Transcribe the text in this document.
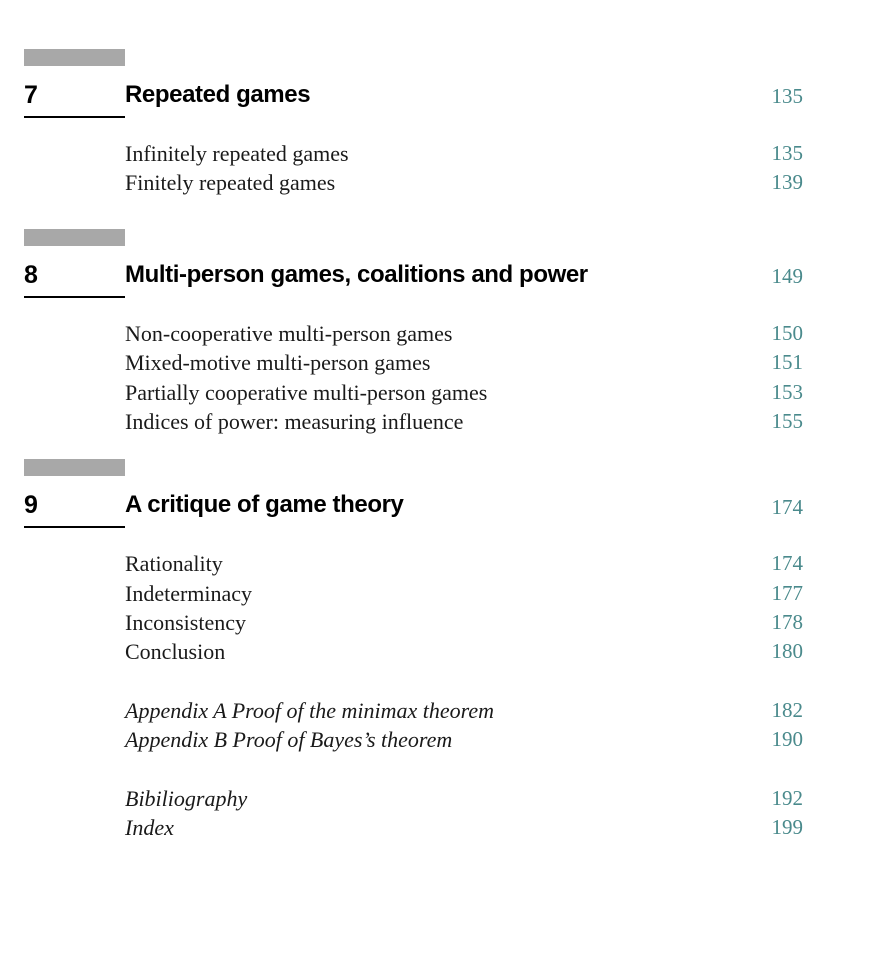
7	Repeated games	135
Infinitely repeated games	135
Finitely repeated games	139
8	Multi-person games, coalitions and power	149
Non-cooperative multi-person games	150
Mixed-motive multi-person games	151
Partially cooperative multi-person games	153
Indices of power: measuring influence	155
9	A critique of game theory	174
Rationality	174
Indeterminacy	177
Inconsistency	178
Conclusion	180
Appendix A Proof of the minimax theorem	182
Appendix B Proof of Bayes’s theorem	190
Bibiliography	192
Index	199
